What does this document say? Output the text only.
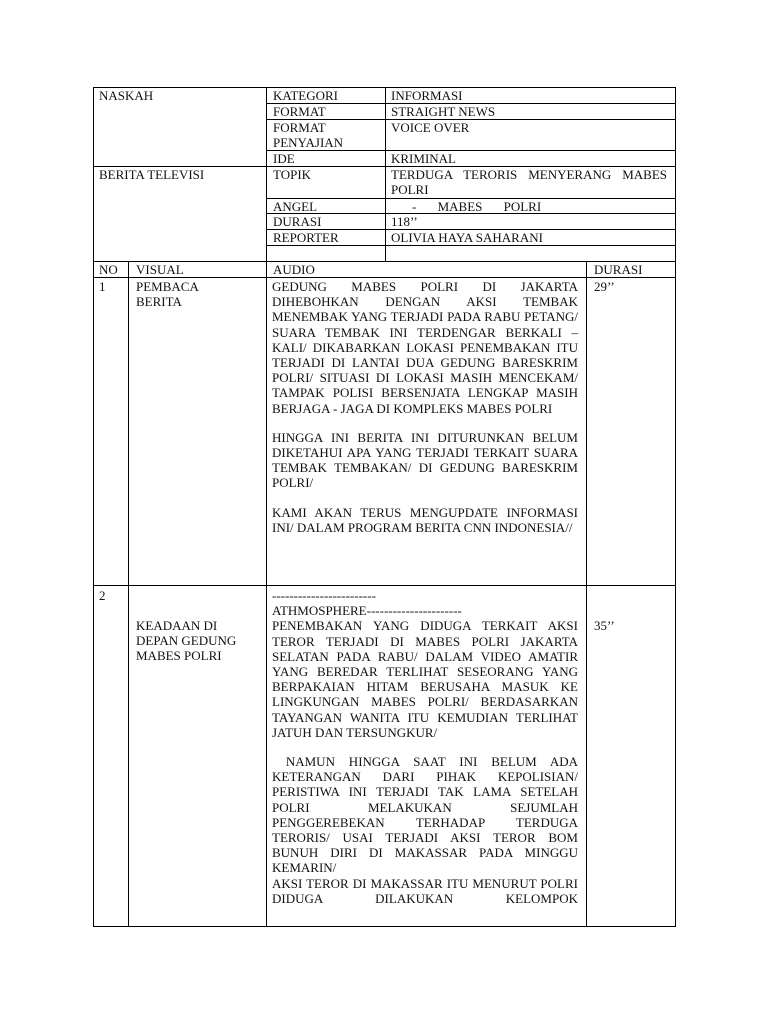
NASKAH
BERITA TELEVISI
KATEGORI
FORMAT
FORMAT PENYAJIAN
IDE
TOPIK
ANGEL
DURASI
REPORTER
INFORMASI
STRAIGHT NEWS
VOICE OVER
KRIMINAL
TERDUGA TERORIS MENYERANG MABES POLRI
- MABES POLRI
118’’
OLIVIA HAYA SAHARANI
NO VISUAL	AUDIO	DURASI
1 PEMBACA BERITA
29’’

GEDUNG MABES POLRI DI JAKARTA DIHEBOHKAN DENGAN AKSI TEMBAK MENEMBAK YANG TERJADI PADA RABU PETANG/ SUARA TEMBAK INI TERDENGAR BERKALI – KALI/ DIKABARKAN LOKASI PENEMBAKAN ITU TERJADI DI LANTAI DUA GEDUNG BARESKRIM POLRI/ SITUASI DI LOKASI MASIH MENCEKAM/ TAMPAK POLISI BERSENJATA LENGKAP MASIH BERJAGA - JAGA DI KOMPLEKS MABES POLRI

HINGGA INI BERITA INI DITURUNKAN BELUM DIKETAHUI APA YANG TERJADI TERKAIT SUARA TEMBAK TEMBAKAN/ DI GEDUNG BARESKRIM POLRI/

KAMI AKAN TERUS MENGUPDATE INFORMASI INI/ DALAM PROGRAM BERITA CNN INDONESIA//

2
KEADAAN DI DEPAN GEDUNG MABES POLRI
35’’

------------------------

ATHMOSPHERE----------------------

PENEMBAKAN YANG DIDUGA TERKAIT AKSI TEROR TERJADI DI MABES POLRI JAKARTA SELATAN PADA RABU/ DALAM VIDEO AMATIR YANG BEREDAR TERLIHAT SESEORANG YANG BERPAKAIAN HITAM BERUSAHA MASUK KE LINGKUNGAN MABES POLRI/ BERDASARKAN TAYANGAN WANITA ITU KEMUDIAN TERLIHAT JATUH DAN TERSUNGKUR/

NAMUN HINGGA SAAT INI BELUM ADA KETERANGAN DARI PIHAK KEPOLISIAN/ PERISTIWA INI TERJADI TAK LAMA SETELAH POLRI MELAKUKAN SEJUMLAH PENGGEREBEKAN TERHADAP TERDUGA TERORIS/ USAI TERJADI AKSI TEROR BOM BUNUH DIRI DI MAKASSAR PADA MINGGU KEMARIN/

AKSI TEROR DI MAKASSAR ITU MENURUT POLRI DIDUGA DILAKUKAN KELOMPOK
